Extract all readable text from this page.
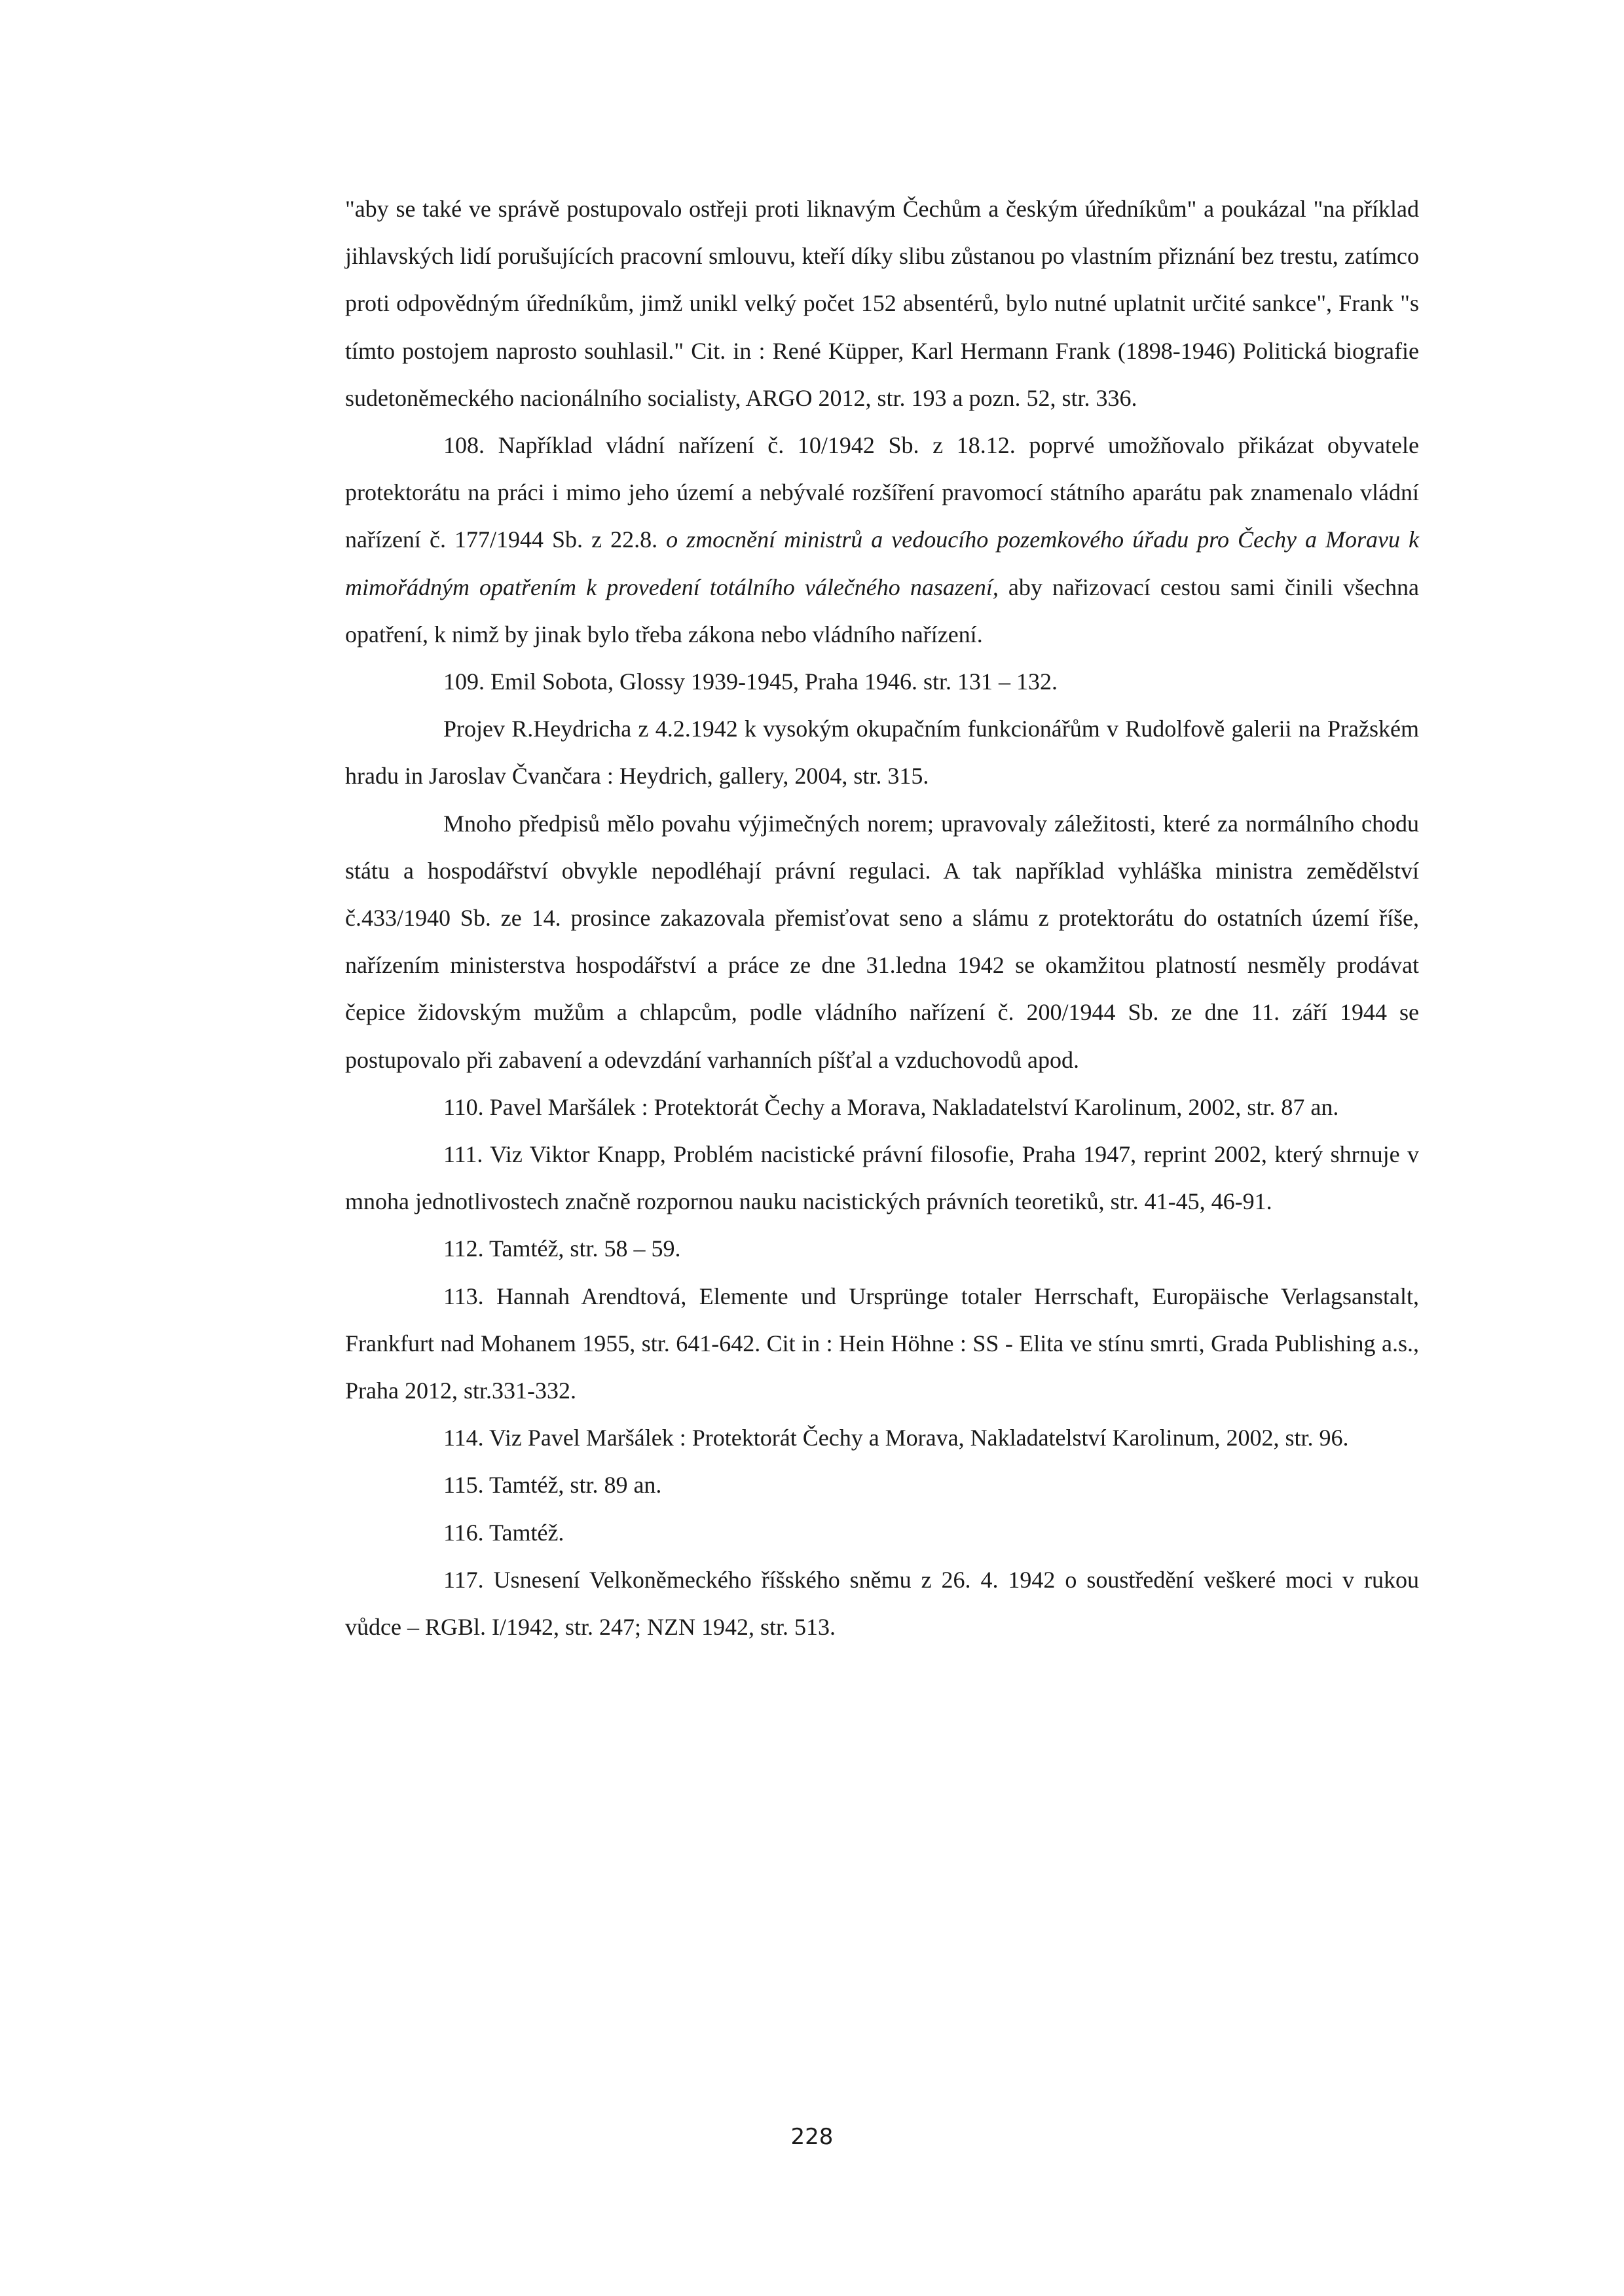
"aby se také ve správě postupovalo ostřeji proti liknavým Čechům a českým úředníkům" a poukázal "na příklad jihlavských lidí porušujících pracovní smlouvu, kteří díky slibu zůstanou po vlastním přiznání bez trestu, zatímco proti odpovědným úředníkům, jimž unikl velký počet 152 absentérů, bylo nutné uplatnit určité sankce", Frank "s tímto postojem naprosto souhlasil." Cit. in : René Küpper, Karl Hermann Frank (1898-1946) Politická biografie sudetoněmeckého nacionálního socialisty, ARGO 2012, str. 193 a pozn. 52, str. 336.

108. Například vládní nařízení č. 10/1942 Sb. z 18.12. poprvé umožňovalo přikázat obyvatele protektorátu na práci i mimo jeho území a nebývalé rozšíření pravomocí státního aparátu pak znamenalo vládní nařízení č. 177/1944 Sb. z 22.8. o zmocnění ministrů a vedoucího pozemkového úřadu pro Čechy a Moravu k mimořádným opatřením k provedení totálního válečného nasazení, aby nařizovací cestou sami činili všechna opatření, k nimž by jinak bylo třeba zákona nebo vládního nařízení.

109. Emil Sobota, Glossy 1939-1945, Praha 1946. str. 131 – 132.

Projev R.Heydricha z 4.2.1942 k vysokým okupačním funkcionářům v Rudolfově galerii na Pražském hradu in Jaroslav Čvančara : Heydrich, gallery, 2004, str. 315.

Mnoho předpisů mělo povahu výjimečných norem; upravovaly záležitosti, které za normálního chodu státu a hospodářství obvykle nepodléhají právní regulaci. A tak například vyhláška ministra zemědělství č.433/1940 Sb. ze 14. prosince zakazovala přemisťovat seno a slámu z protektorátu do ostatních území říše, nařízením ministerstva hospodářství a práce ze dne 31.ledna 1942 se okamžitou platností nesměly prodávat čepice židovským mužům a chlapcům, podle vládního nařízení č. 200/1944 Sb. ze dne 11. září 1944 se postupovalo při zabavení a odevzdání varhanních píšťal a vzduchovodů apod.

110. Pavel Maršálek : Protektorát Čechy a Morava, Nakladatelství Karolinum, 2002, str. 87 an.

111. Viz Viktor Knapp, Problém nacistické právní filosofie, Praha 1947, reprint 2002, který shrnuje v mnoha jednotlivostech značně rozpornou nauku nacistických právních teoretiků, str. 41-45, 46-91.

112. Tamtéž, str. 58 – 59.

113. Hannah Arendtová, Elemente und Ursprünge totaler Herrschaft, Europäische Verlagsanstalt, Frankfurt nad Mohanem 1955, str. 641-642. Cit in : Hein Höhne : SS - Elita ve stínu smrti, Grada Publishing a.s., Praha 2012, str.331-332.

114. Viz Pavel Maršálek : Protektorát Čechy a Morava, Nakladatelství Karolinum, 2002, str. 96.

115. Tamtéž, str. 89 an.

116. Tamtéž.

117. Usnesení Velkoněmeckého říšského sněmu z 26. 4. 1942 o soustředění veškeré moci v rukou vůdce – RGBl. I/1942, str. 247; NZN 1942, str. 513.

228
